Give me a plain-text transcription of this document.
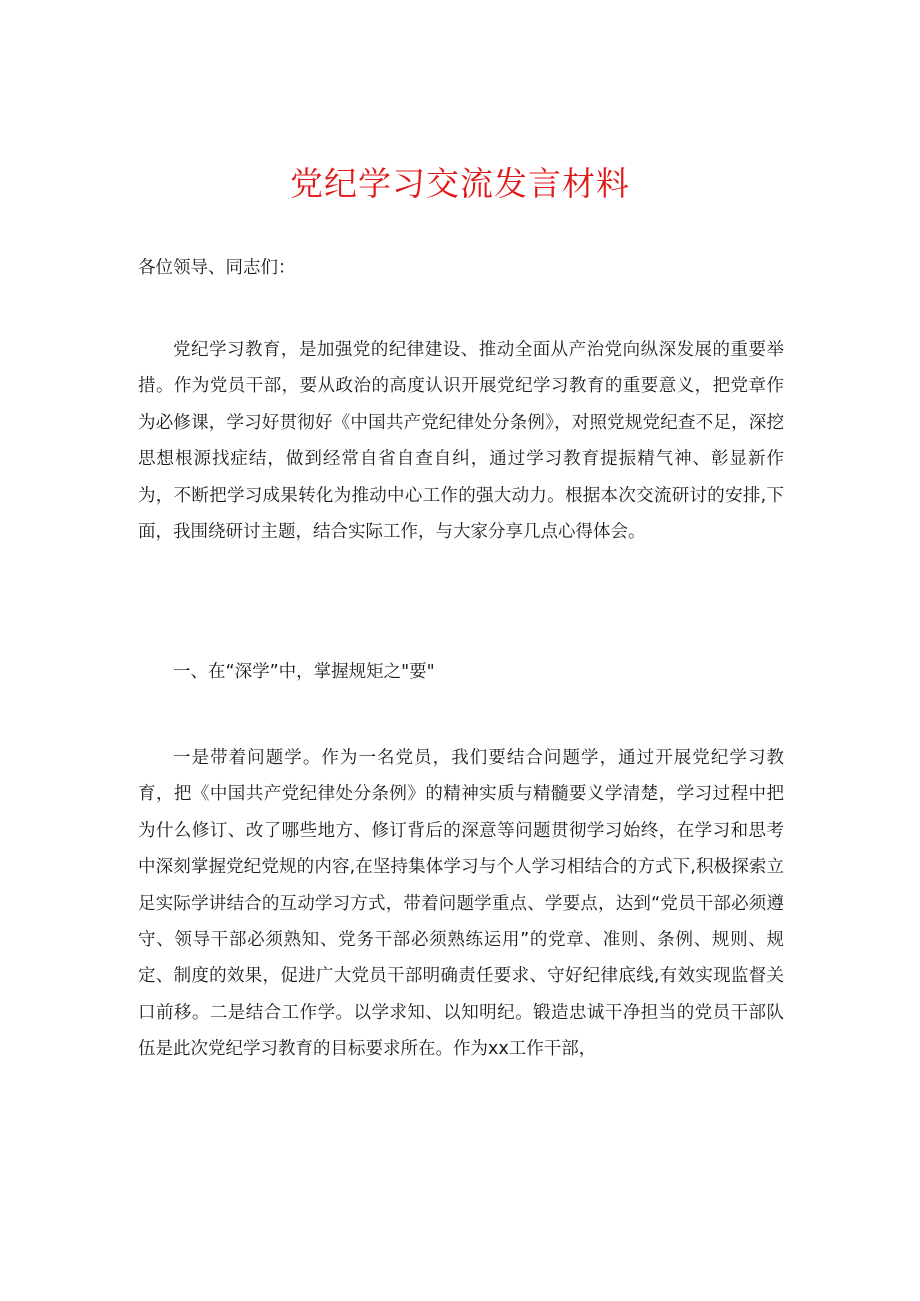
党纪学习交流发言材料
各位领导、同志们：

党纪学习教育，是加强党的纪律建设、推动全面从产治党向纵深发展的重要举措。作为党员干部，要从政治的高度认识开展党纪学习教育的重要意义，把党章作为必修课，学习好贯彻好《中国共产党纪律处分条例》，对照党规党纪查不足，深挖思想根源找症结，做到经常自省自查自纠，通过学习教育提振精气神、彰显新作为，不断把学习成果转化为推动中心工作的强大动力。根据本次交流研讨的安排,下面，我围绕研讨主题，结合实际工作，与大家分享几点心得体会。

一、在“深学”中，掌握规矩之"要"

一是带着问题学。作为一名党员，我们要结合问题学，通过开展党纪学习教育，把《中国共产党纪律处分条例》的精神实质与精髓要义学清楚，学习过程中把为什么修订、改了哪些地方、修订背后的深意等问题贯彻学习始终，在学习和思考中深刻掌握党纪党规的内容,在坚持集体学习与个人学习相结合的方式下,积极探索立足实际学讲结合的互动学习方式，带着问题学重点、学要点，达到“党员干部必须遵守、领导干部必须熟知、党务干部必须熟练运用”的党章、准则、条例、规则、规定、制度的效果，促进广大党员干部明确责任要求、守好纪律底线,有效实现监督关口前移。二是结合工作学。以学求知、以知明纪。锻造忠诚干净担当的党员干部队伍是此次党纪学习教育的目标要求所在。作为xx工作干部，
